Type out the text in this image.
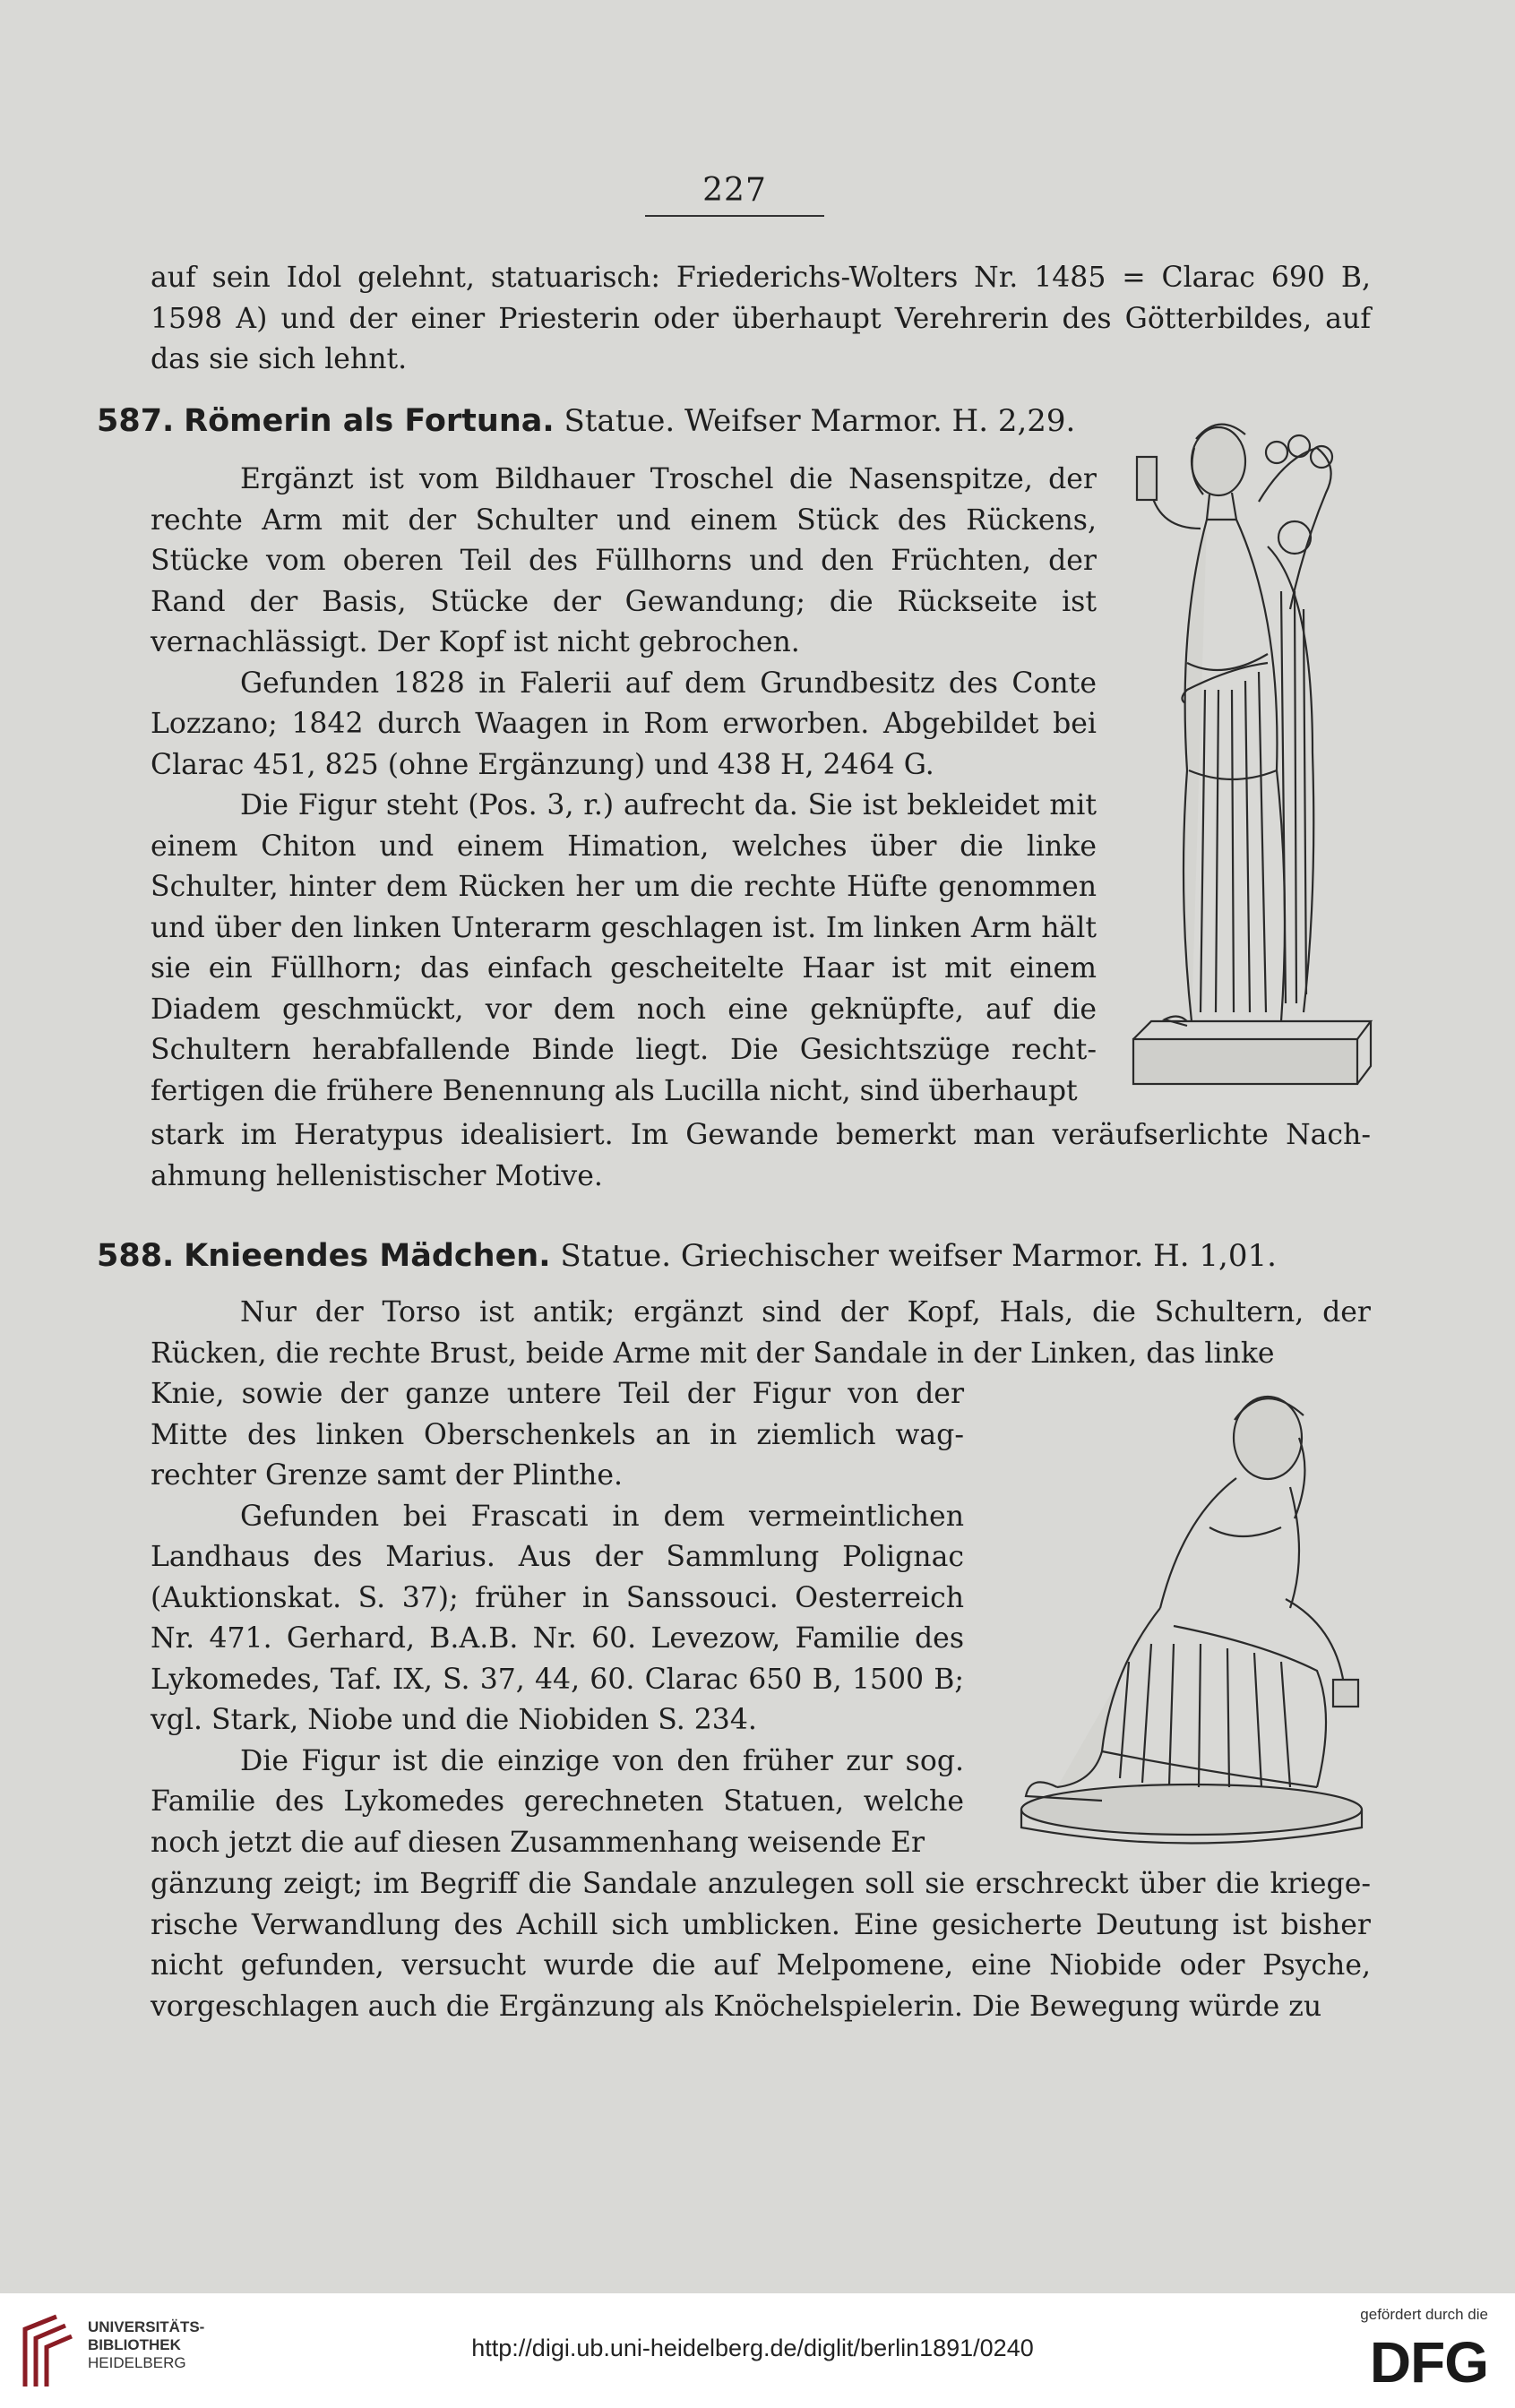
227

auf sein Idol gelehnt, statuarisch: Friederichs-Wolters Nr. 1485 = Clarac 690 B, 1598 A) und der einer Priesterin oder überhaupt Verehrerin des Götterbildes, auf das sie sich lehnt.

587. Römerin als Fortuna. Statue. Weifser Marmor. H. 2,29.

Ergänzt ist vom Bildhauer Troschel die Nasenspitze, der rechte Arm mit der Schulter und einem Stück des Rückens, Stücke vom oberen Teil des Füllhorns und den Früchten, der Rand der Basis, Stücke der Gewandung; die Rückseite ist vernachlässigt. Der Kopf ist nicht gebrochen.

Gefunden 1828 in Falerii auf dem Grundbesitz des Conte Lozzano; 1842 durch Waagen in Rom erworben. Abgebildet bei Clarac 451, 825 (ohne Ergänzung) und 438 H, 2464 G.

Die Figur steht (Pos. 3, r.) aufrecht da. Sie ist bekleidet mit einem Chiton und einem Himation, welches über die linke Schulter, hinter dem Rücken her um die rechte Hüfte genommen und über den linken Unterarm geschlagen ist. Im linken Arm hält sie ein Füllhorn; das einfach gescheitelte Haar ist mit einem Diadem geschmückt, vor dem noch eine geknüpfte, auf die Schultern herabfallende Binde liegt. Die Gesichtszüge rechtfertigen die frühere Benennung als Lucilla nicht, sind überhaupt

stark im Heratypus idealisiert. Im Gewande bemerkt man veräufserlichte Nachahmung hellenistischer Motive.

588. Knieendes Mädchen. Statue. Griechischer weifser Marmor. H. 1,01.

Nur der Torso ist antik; ergänzt sind der Kopf, Hals, die Schultern, der Rücken, die rechte Brust, beide Arme mit der Sandale in der Linken, das linke

Knie, sowie der ganze untere Teil der Figur von der Mitte des linken Oberschenkels an in ziemlich wagrechter Grenze samt der Plinthe.

Gefunden bei Frascati in dem vermeintlichen Landhaus des Marius. Aus der Sammlung Polignac (Auktionskat. S. 37); früher in Sanssouci. Oesterreich Nr. 471. Gerhard, B.A.B. Nr. 60. Levezow, Familie des Lykomedes, Taf. IX, S. 37, 44, 60. Clarac 650 B, 1500 B; vgl. Stark, Niobe und die Niobiden S. 234.

Die Figur ist die einzige von den früher zur sog. Familie des Lykomedes gerechneten Statuen, welche noch jetzt die auf diesen Zusammenhang weisende Er

gänzung zeigt; im Begriff die Sandale anzulegen soll sie erschreckt über die kriegerische Verwandlung des Achill sich umblicken. Eine gesicherte Deutung ist bisher nicht gefunden, versucht wurde die auf Melpomene, eine Niobide oder Psyche, vorgeschlagen auch die Ergänzung als Knöchelspielerin. Die Bewegung würde zu

UNIVERSITÄTS-
BIBLIOTHEK
HEIDELBERG
http://digi.ub.uni-heidelberg.de/diglit/berlin1891/0240
gefördert durch die
DFG
